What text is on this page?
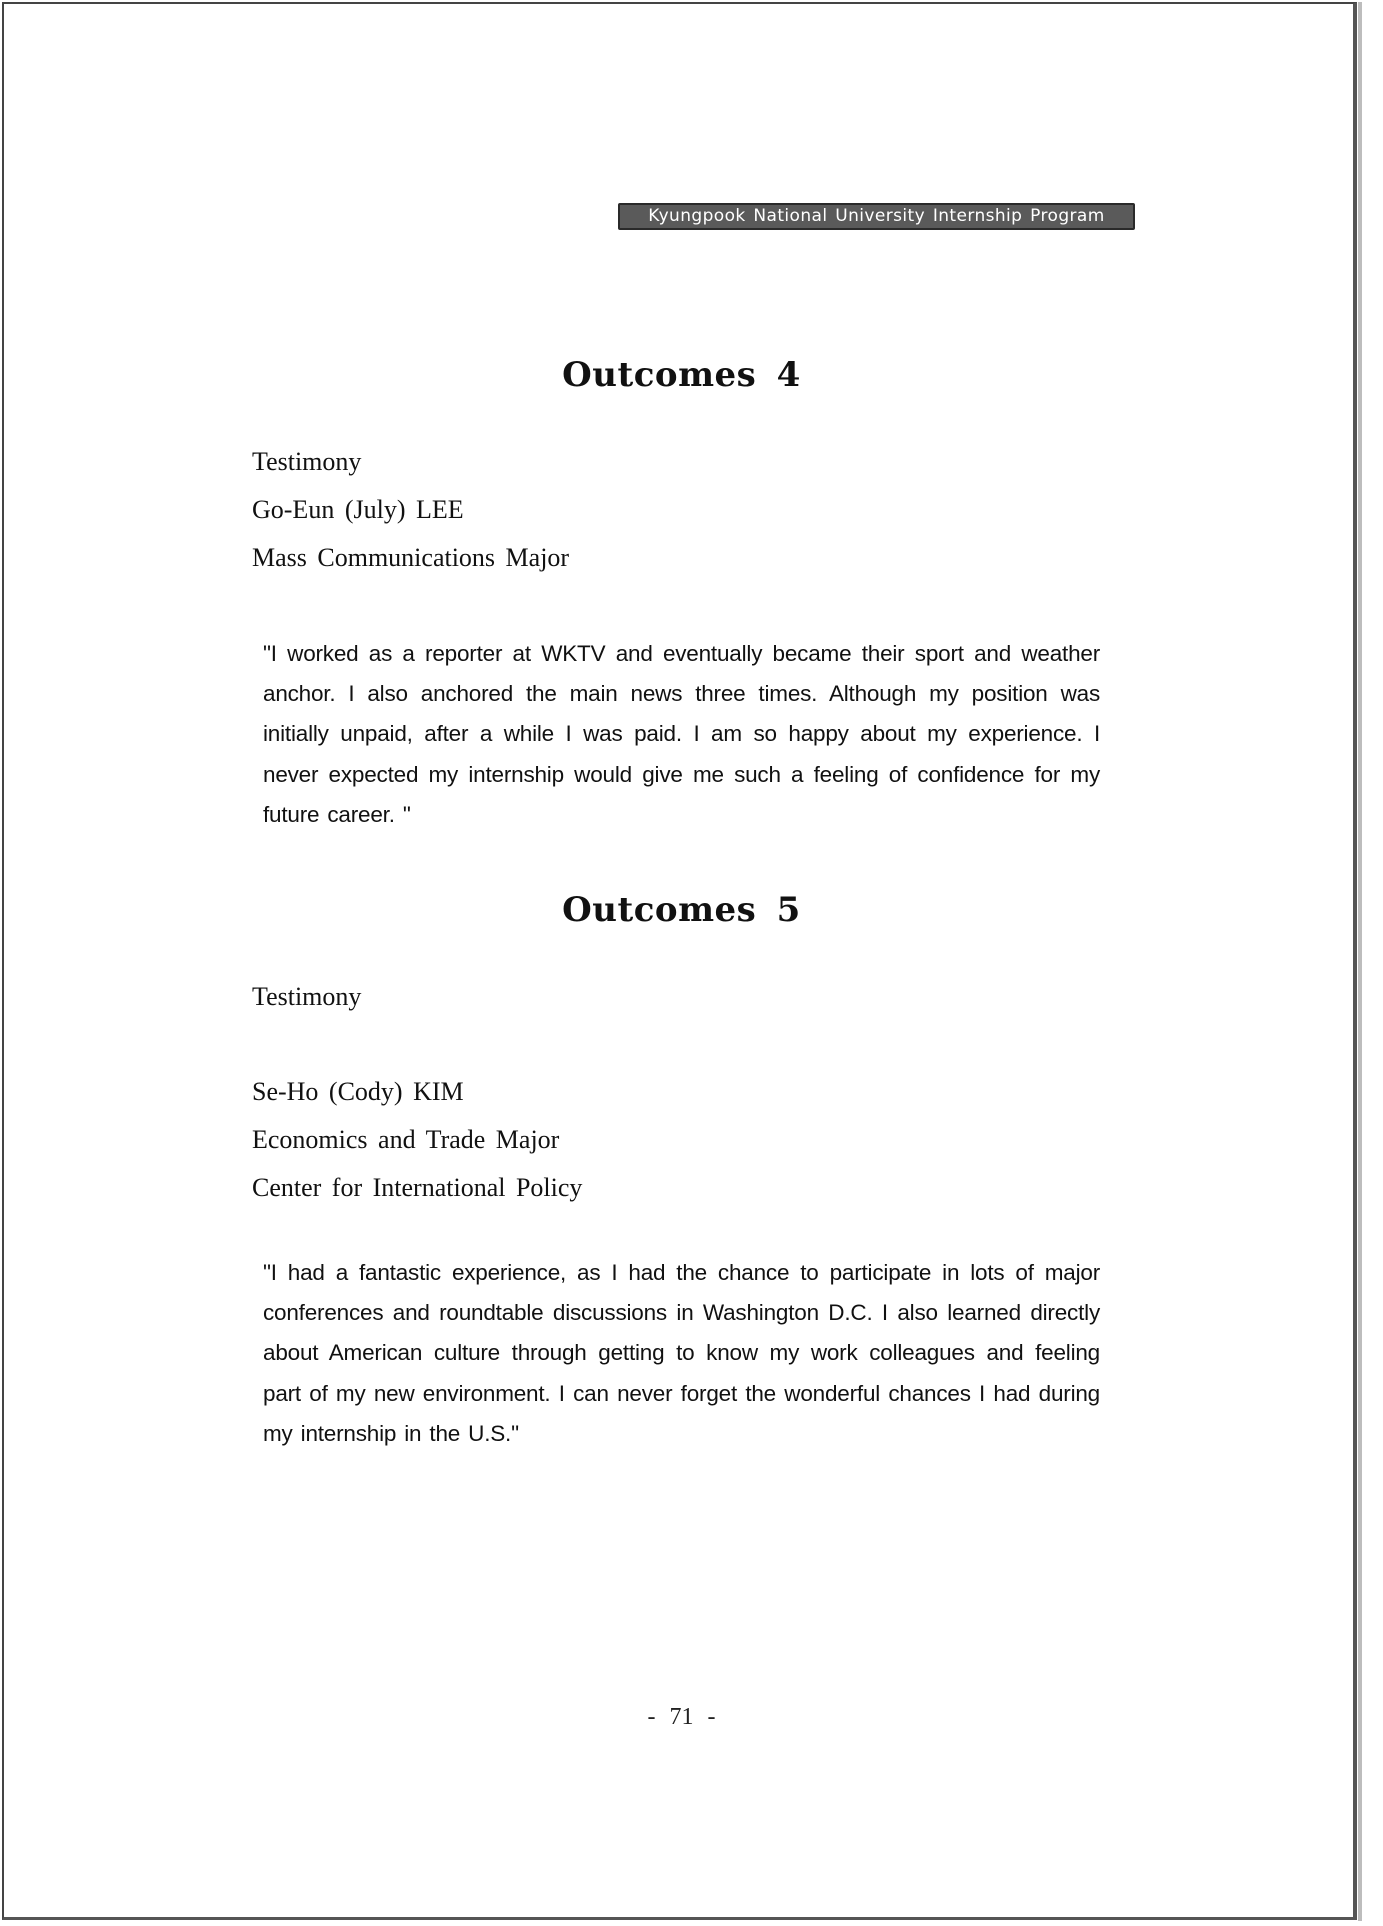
Kyungpook National University Internship Program
Outcomes 4
Testimony
Go-Eun (July) LEE
Mass Communications Major
"I worked as a reporter at WKTV and eventually became their sport and weather anchor. I also anchored the main news three times. Although my position was initially unpaid, after a while I was paid. I am so happy about my experience. I never expected my internship would give me such a feeling of confidence for my future career. "
Outcomes 5
Testimony
Se-Ho (Cody) KIM
Economics and Trade Major
Center for International Policy
"I had a fantastic experience, as I had the chance to participate in lots of major conferences and roundtable discussions in Washington D.C. I also learned directly about American culture through getting to know my work colleagues and feeling part of my new environment. I can never forget the wonderful chances I had during my internship in the U.S."
- 71 -
